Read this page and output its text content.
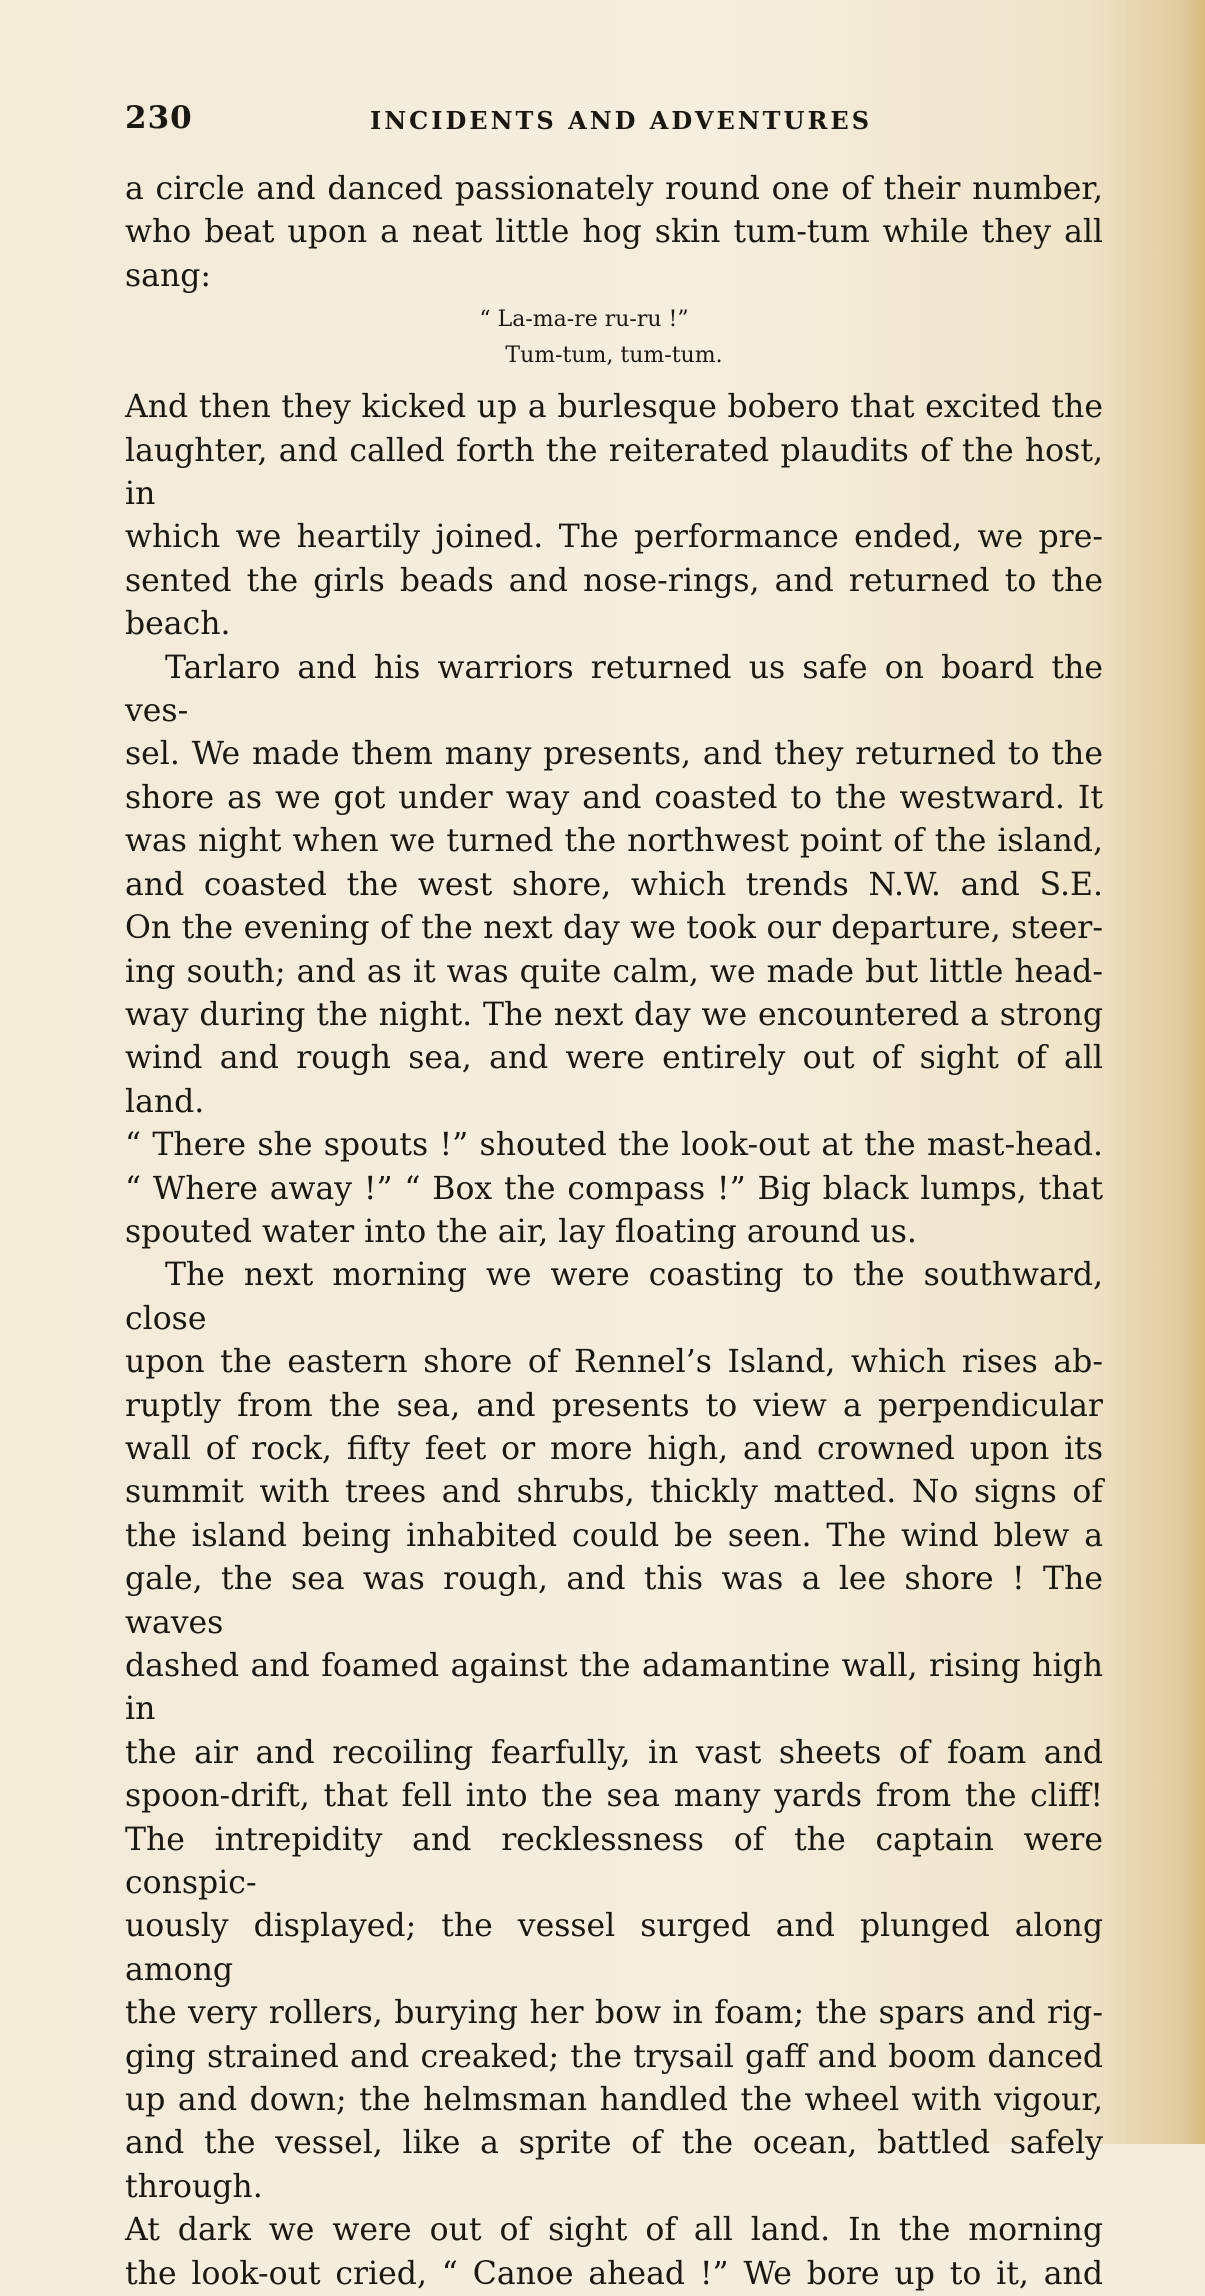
230	INCIDENTS AND ADVENTURES

a circle and danced passionately round one of their number,

who beat upon a neat little hog skin tum-tum while they all

sang:

“ La-ma-re ru-ru !”
Tum-tum, tum-tum.

And then they kicked up a burlesque bobero that excited the

laughter, and called forth the reiterated plaudits of the host, in

which we heartily joined. The performance ended, we pre-

sented the girls beads and nose-rings, and returned to the

beach.

Tarlaro and his warriors returned us safe on board the ves-

sel. We made them many presents, and they returned to the

shore as we got under way and coasted to the westward. It

was night when we turned the northwest point of the island,

and coasted the west shore, which trends N.W. and S.E.

On the evening of the next day we took our departure, steer-

ing south; and as it was quite calm, we made but little head-

way during the night. The next day we encountered a strong

wind and rough sea, and were entirely out of sight of all land.

“ There she spouts !” shouted the look-out at the mast-head.

“ Where away !” “ Box the compass !” Big black lumps, that

spouted water into the air, lay floating around us.

The next morning we were coasting to the southward, close

upon the eastern shore of Rennel’s Island, which rises ab-

ruptly from the sea, and presents to view a perpendicular

wall of rock, fifty feet or more high, and crowned upon its

summit with trees and shrubs, thickly matted. No signs of

the island being inhabited could be seen. The wind blew a

gale, the sea was rough, and this was a lee shore ! The waves

dashed and foamed against the adamantine wall, rising high in

the air and recoiling fearfully, in vast sheets of foam and

spoon-drift, that fell into the sea many yards from the cliff!

The intrepidity and recklessness of the captain were conspic-

uously displayed; the vessel surged and plunged along among

the very rollers, burying her bow in foam; the spars and rig-

ging strained and creaked; the trysail gaff and boom danced

up and down; the helmsman handled the wheel with vigour,

and the vessel, like a sprite of the ocean, battled safely through.

At dark we were out of sight of all land. In the morning

the look-out cried, “ Canoe ahead !” We bore up to it, and
